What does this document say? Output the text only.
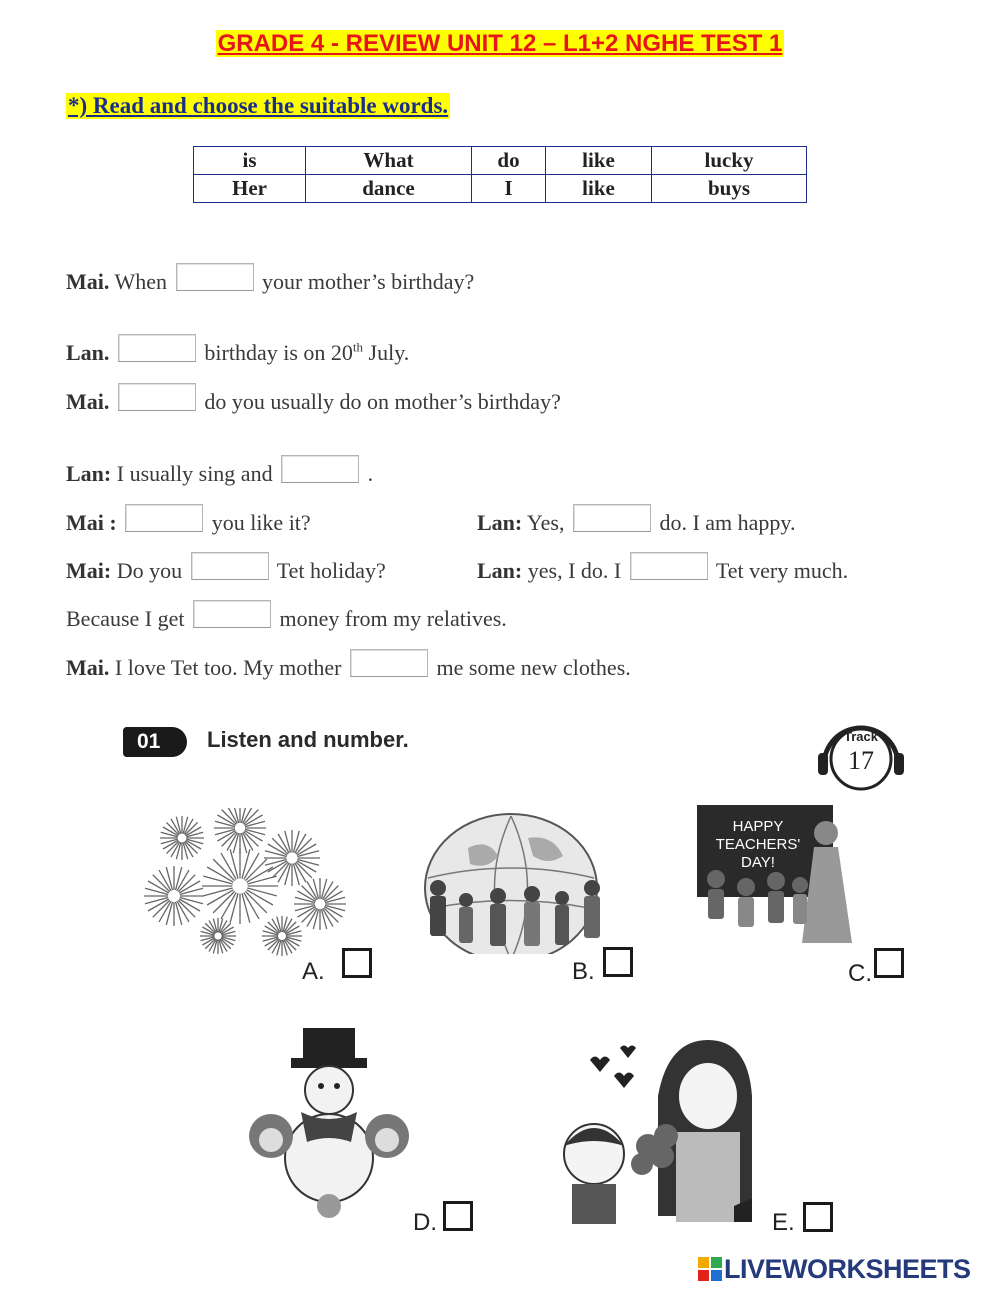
GRADE 4 - REVIEW UNIT 12 – L1+2 NGHE TEST 1
*) Read and choose the suitable words.
is	What	do	like	lucky
Her	dance	I	like	buys
Mai. When	your mother’s birthday?
Lan.	birthday is on 20th July.
Mai.	do you usually do on mother’s birthday?
Lan: I usually sing and	.
Mai :	you like it?	Lan: Yes,	do. I am happy.
Mai: Do you	Tet holiday?	Lan: yes, I do. I	Tet very much.
Because I get	money from my relatives.
Mai. I love Tet too. My mother	me some new clothes.
01	Listen and number.	Track
17
A.	B.
HAPPY
TEACHERS'
DAY!
C.
D.	E.
LIVEWORKSHEETS
